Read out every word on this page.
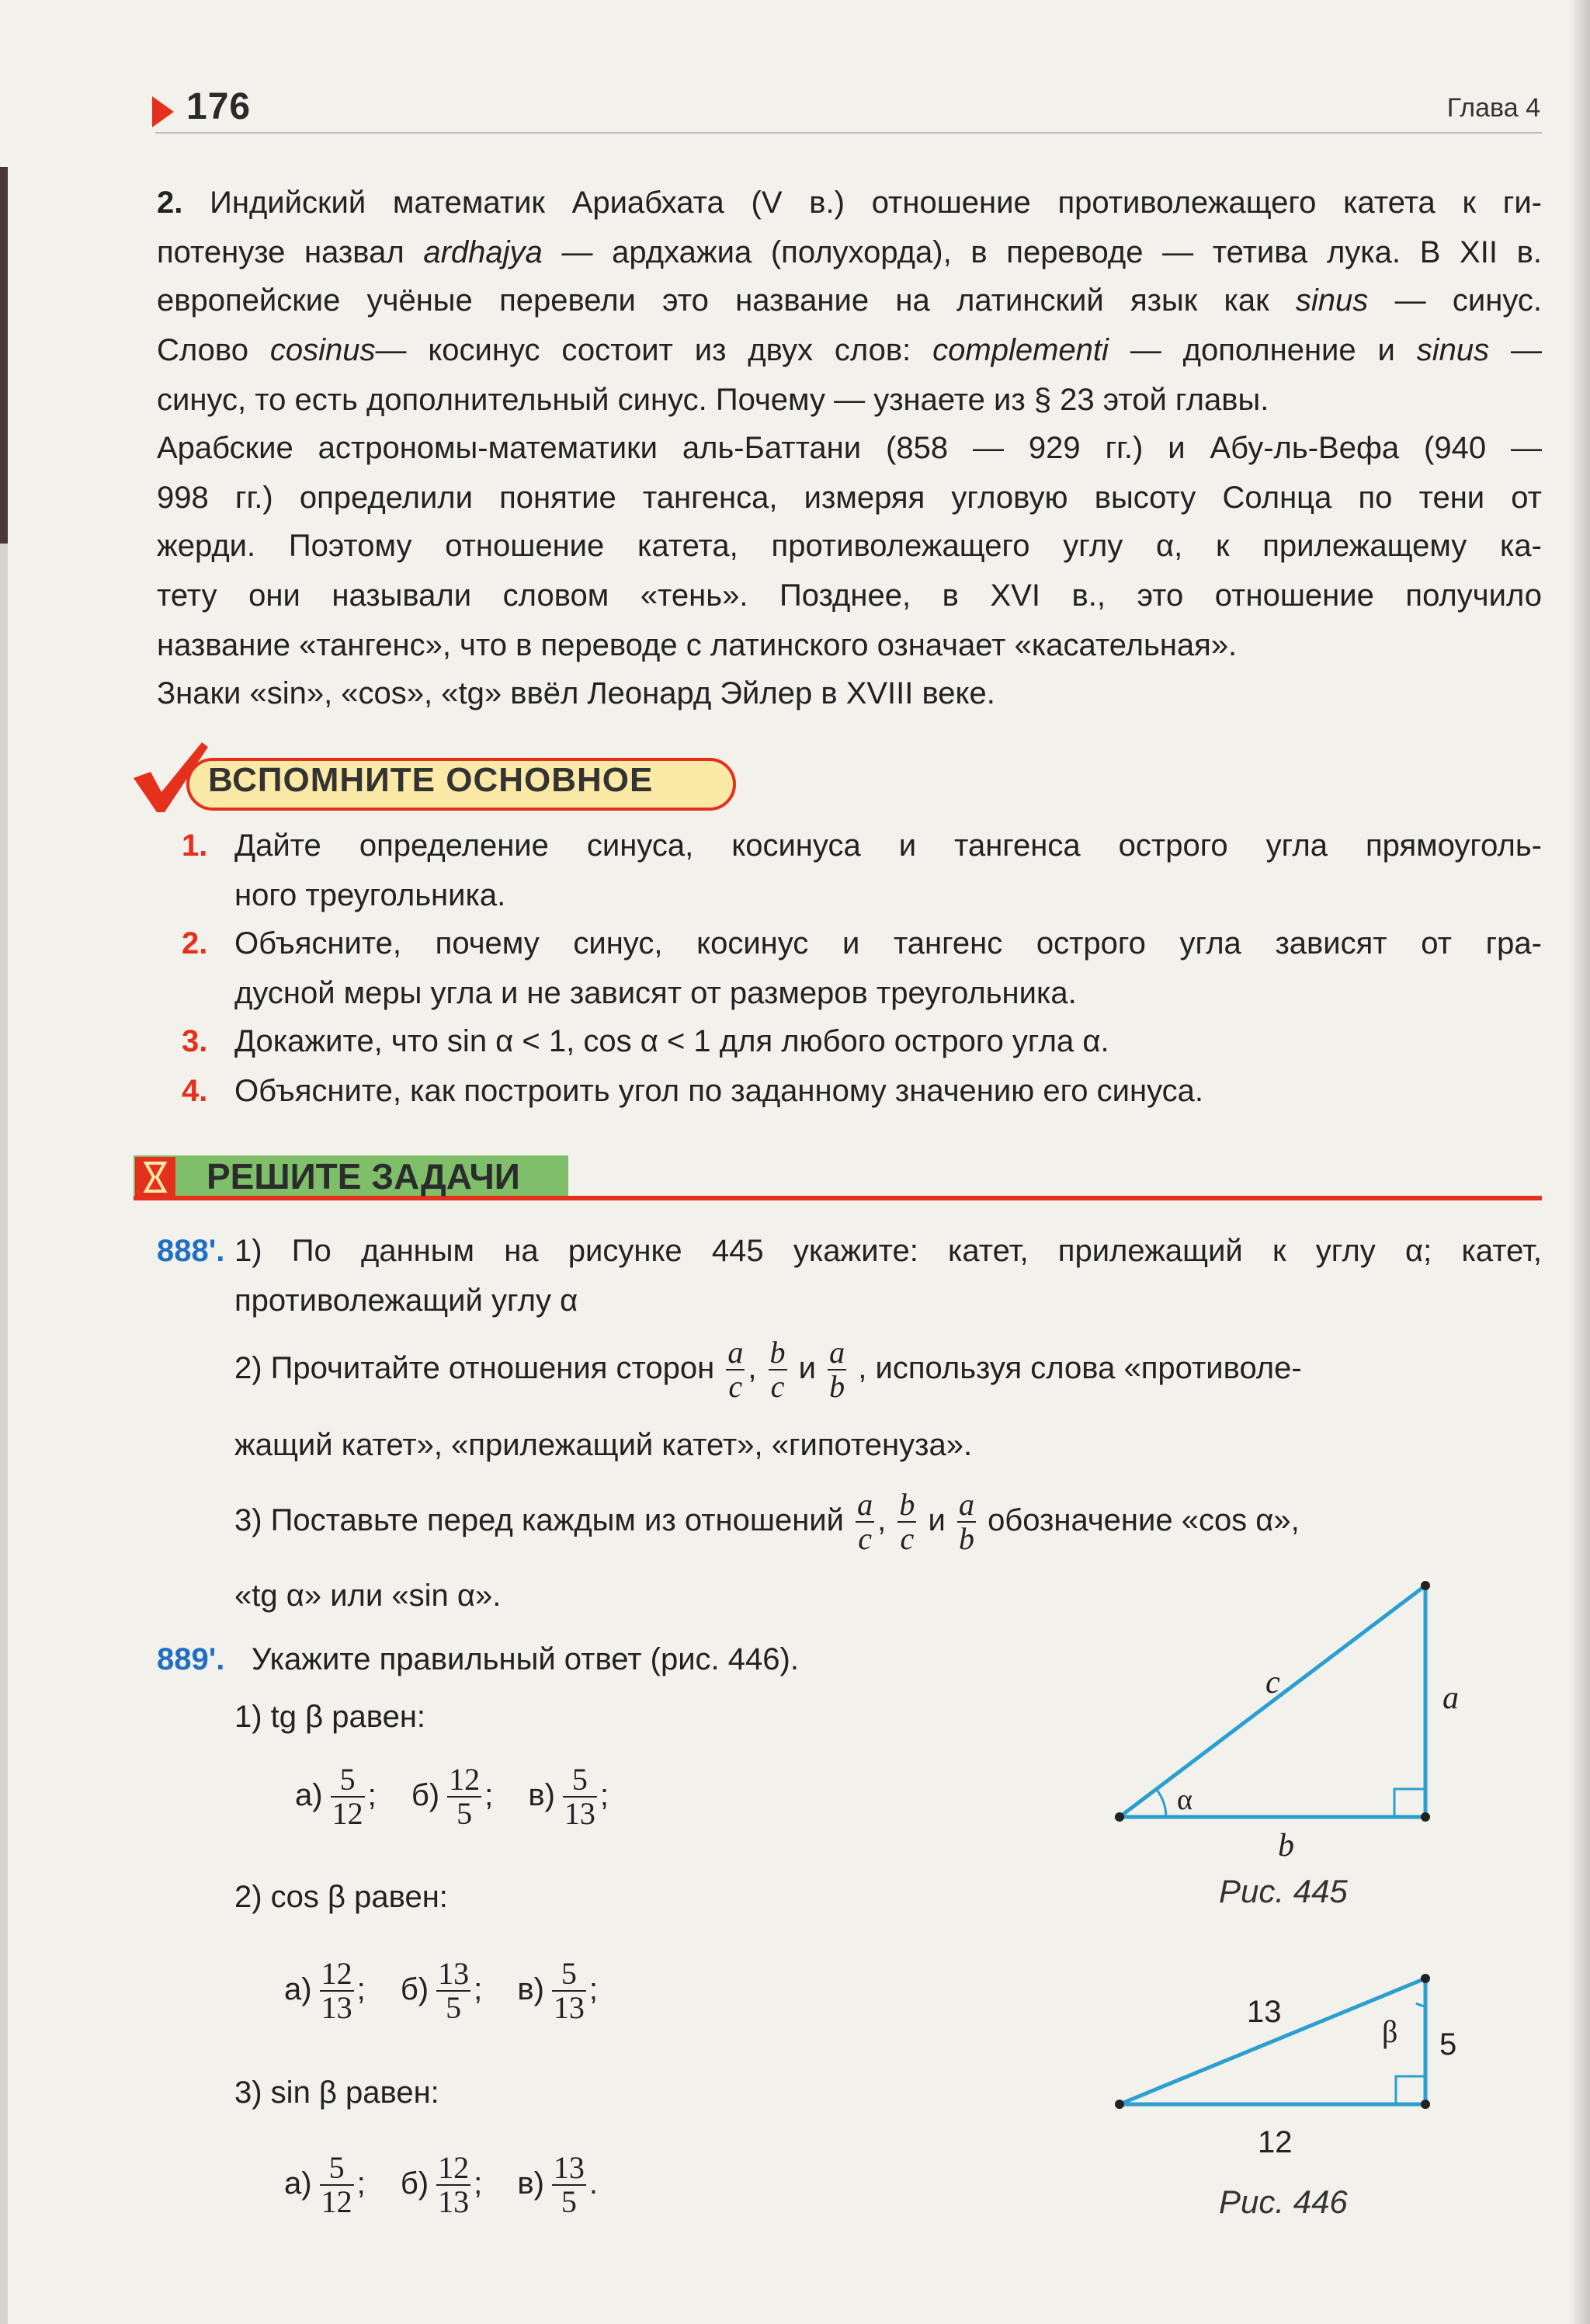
176	Глава 4
2. Индийский математик Ариабхата (V в.) отношение противолежащего катета к ги-
потенузе назвал ardhajya — ардхажиа (полухорда), в переводе — тетива лука. В XII в.
европейские учёные перевели это название на латинский язык как sinus — синус.
Слово cosinus— косинус состоит из двух слов: complementi — дополнение и sinus —
синус, то есть дополнительный синус. Почему — узнаете из § 23 этой главы.
Арабские астрономы-математики аль-Баттани (858 — 929 гг.) и Абу-ль-Вефа (940 —
998 гг.) определили понятие тангенса, измеряя угловую высоту Солнца по тени от
жерди. Поэтому отношение катета, противолежащего углу α, к прилежащему ка-
тету они называли словом «тень». Позднее, в XVI в., это отношение получило
название «тангенс», что в переводе с латинского означает «касательная».
Знаки «sin», «cos», «tg» ввёл Леонард Эйлер в XVIII веке.
ВСПОМНИТЕ ОСНОВНОЕ
1. Дайте определение синуса, косинуса и тангенса острого угла прямоуголь-
ного треугольника.
2. Объясните, почему синус, косинус и тангенс острого угла зависят от гра-
дусной меры угла и не зависят от размеров треугольника.
3. Докажите, что sin α < 1, cos α < 1 для любого острого угла α.
4. Объясните, как построить угол по заданному значению его синуса.
РЕШИТЕ ЗАДАЧИ
888'. 1) По данным на рисунке 445 укажите: катет, прилежащий к углу α; катет,
противолежащий углу α
2) Прочитайте отношения сторон $\frac{a}{c}$ , $\frac{b}{c}$ и $\frac{a}{b}$ , используя слова «противоле-
жащий катет», «прилежащий катет», «гипотенуза».
3) Поставьте перед каждым из отношений $\frac{a}{c}$ , $\frac{b}{c}$ и $\frac{a}{b}$ обозначение «cos α»,
«tg α» или «sin α».
889'. Укажите правильный ответ (рис. 446).
1) tg β равен:
$а) \frac{5}{12}$ ; $б) \frac{12}{5}$ ; $в) \frac{5}{13}$ ;
2) cos β равен:
$а) \frac{12}{13}$ ; $б) \frac{13}{5}$ ; $в) \frac{5}{13}$ ;
3) sin β равен:
$а) \frac{5}{12}$ ; $б) \frac{12}{13}$ ; $в) \frac{13}{5}$ .
c	a
b
α
Рис. 445
13
5
12
β
Рис. 446
